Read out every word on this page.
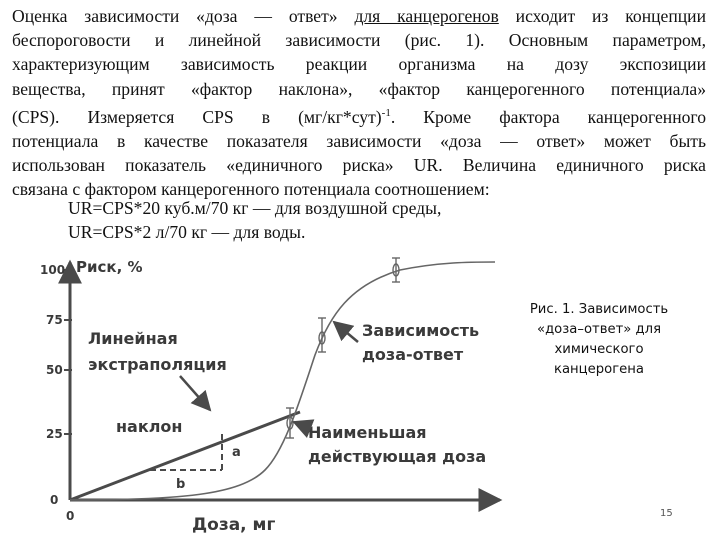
Оценка зависимости «доза — ответ» для канцерогенов исходит из концепции
беспороговости и линейной зависимости (рис. 1). Основным параметром,
характеризующим зависимость реакции организма на дозу экспозиции
вещества, принят «фактор наклона», «фактор канцерогенного потенциала»
(CPS). Измеряется CPS в $(мг/кг*сут)^{-1}$. Кроме фактора канцерогенного
потенциала в качестве показателя зависимости «доза — ответ» может быть
использован показатель «единичного риска» UR. Величина единичного риска
связана с фактором канцерогенного потенциала соотношением:
UR=CPS*20 куб.м/70 кг — для воздушной среды,
UR=CPS*2 л/70 кг — для воды.
0
25
50
75
100
0
Риск, %
Доза, мг
a
b
Линейная
экстраполяция
наклон
Зависимость
доза-ответ
Наименьшая
действующая доза
Рис. 1. Зависимость
«доза–ответ» для
химического
канцерогена
15
